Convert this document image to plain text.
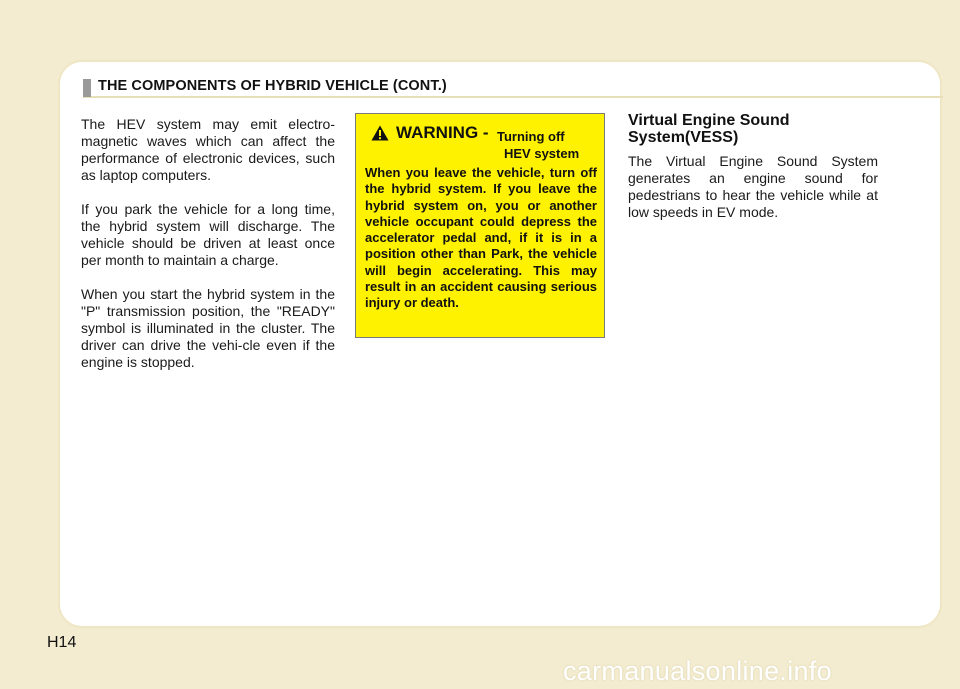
THE COMPONENTS OF HYBRID VEHICLE (CONT.)

The HEV system may emit electro-magnetic waves which can affect the performance of electronic devices, such as laptop computers.

If you park the vehicle for a long time, the hybrid system will discharge. The vehicle should be driven at least once per month to maintain a charge.

When you start the hybrid system in the "P" transmission position, the "READY" symbol is illuminated in the cluster. The driver can drive the vehi-cle even if the engine is stopped.

WARNING - Turning off
HEV system
When you leave the vehicle, turn off the hybrid system. If you leave the hybrid system on, you or another vehicle occupant could depress the accelerator pedal and, if it is in a position other than Park, the vehicle will begin accelerating. This may result in an accident causing serious injury or death.
Virtual Engine Sound System(VESS)
The Virtual Engine Sound System generates an engine sound for pedestrians to hear the vehicle while at low speeds in EV mode.
H14
carmanualsonline.info
